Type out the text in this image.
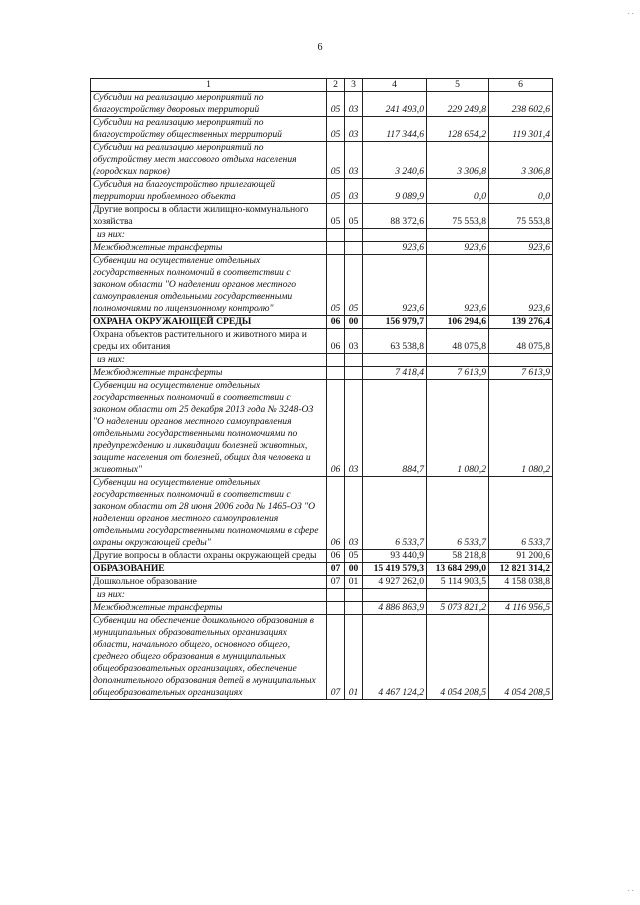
6
1	2	3	4	5	6
Субсидии на реализацию мероприятий по благоустройству дворовых территорий	05	03	241 493,0	229 249,8	238 602,6
Субсидии на реализацию мероприятий по благоустройству общественных территорий	05	03	117 344,6	128 654,2	119 301,4
Субсидии на реализацию мероприятий по обустройству мест массового отдыха населения (городских парков)	05	03	3 240,6	3 306,8	3 306,8
Субсидия на благоустройство прилегающей территории проблемного объекта	05	03	9 089,9	0,0	0,0
Другие вопросы в области жилищно-коммунального хозяйства	05	05	88 372,6	75 553,8	75 553,8
из них:					
Межбюджетные трансферты			923,6	923,6	923,6
Субвенции на осуществление отдельных государственных полномочий в соответствии с законом области "О наделении органов местного самоуправления отдельными государственными полномочиями по лицензионному контролю"	05	05	923,6	923,6	923,6
ОХРАНА ОКРУЖАЮЩЕЙ СРЕДЫ	06	00	156 979,7	106 294,6	139 276,4
Охрана объектов растительного и животного мира и среды их обитания	06	03	63 538,8	48 075,8	48 075,8
из них:					
Межбюджетные трансферты			7 418,4	7 613,9	7 613,9
Субвенции на осуществление отдельных государственных полномочий в соответствии с законом области от 25 декабря 2013 года № 3248-ОЗ "О наделении органов местного самоуправления отдельными государственными полномочиями по предупреждению и ликвидации болезней животных, защите населения от болезней, общих для человека и животных"	06	03	884,7	1 080,2	1 080,2
Субвенции на осуществление отдельных государственных полномочий в соответствии с законом области от 28 июня 2006 года № 1465-ОЗ "О наделении органов местного самоуправления отдельными государственными полномочиями в сфере охраны окружающей среды"	06	03	6 533,7	6 533,7	6 533,7
Другие вопросы в области охраны окружающей среды	06	05	93 440,9	58 218,8	91 200,6
ОБРАЗОВАНИЕ	07	00	15 419 579,3	13 684 299,0	12 821 314,2
Дошкольное образование	07	01	4 927 262,0	5 114 903,5	4 158 038,8
из них:					
Межбюджетные трансферты			4 886 863,9	5 073 821,2	4 116 956,5
Субвенции на обеспечение дошкольного образования в муниципальных образовательных организациях области, начального общего, основного общего, среднего общего образования в муниципальных общеобразовательных организациях, обеспечение дополнительного образования детей в муниципальных общеобразовательных организациях	07	01	4 467 124,2	4 054 208,5	4 054 208,5
· ·
· ·
